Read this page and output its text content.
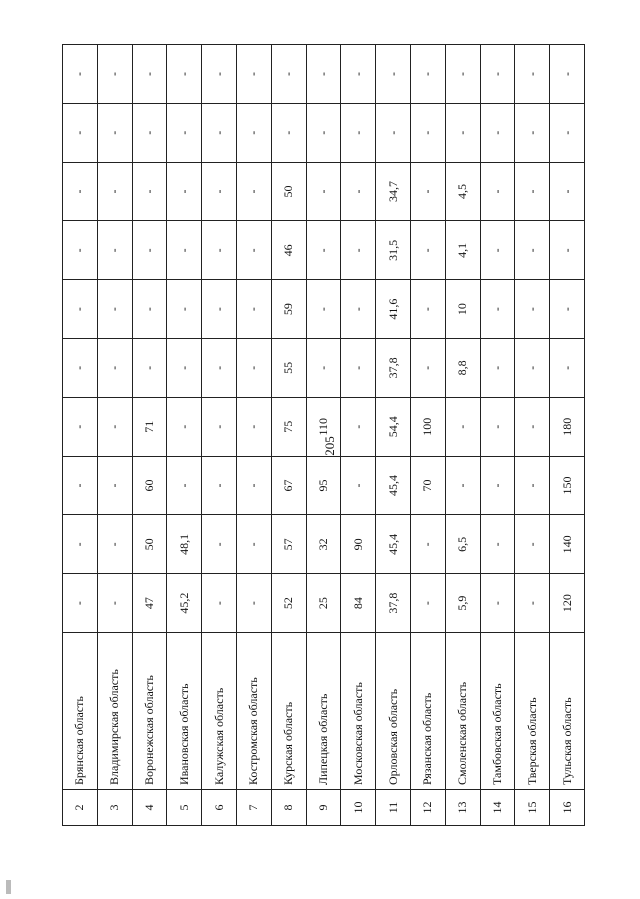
205
2	Брянская область	-	-	-	-	-	-	-	-	-	-
3	Владимирская область	-	-	-	-	-	-	-	-	-	-
4	Воронежская область	47	50	60	71	-	-	-	-	-	-
5	Ивановская область	45,2	48,1	-	-	-	-	-	-	-	-
6	Калужская область	-	-	-	-	-	-	-	-	-	-
7	Костромская область	-	-	-	-	-	-	-	-	-	-
8	Курская область	52	57	67	75	55	59	46	50	-	-
9	Липецкая область	25	32	95	110	-	-	-	-	-	-
10	Московская область	84	90	-	-	-	-	-	-	-	-
11	Орловская область	37,8	45,4	45,4	54,4	37,8	41,6	31,5	34,7	-	-
12	Рязанская область	-	-	70	100	-	-	-	-	-	-
13	Смоленская область	5,9	6,5	-	-	8,8	10	4,1	4,5	-	-
14	Тамбовская область	-	-	-	-	-	-	-	-	-	-
15	Тверская область	-	-	-	-	-	-	-	-	-	-
16	Тульская область	120	140	150	180	-	-	-	-	-	-
